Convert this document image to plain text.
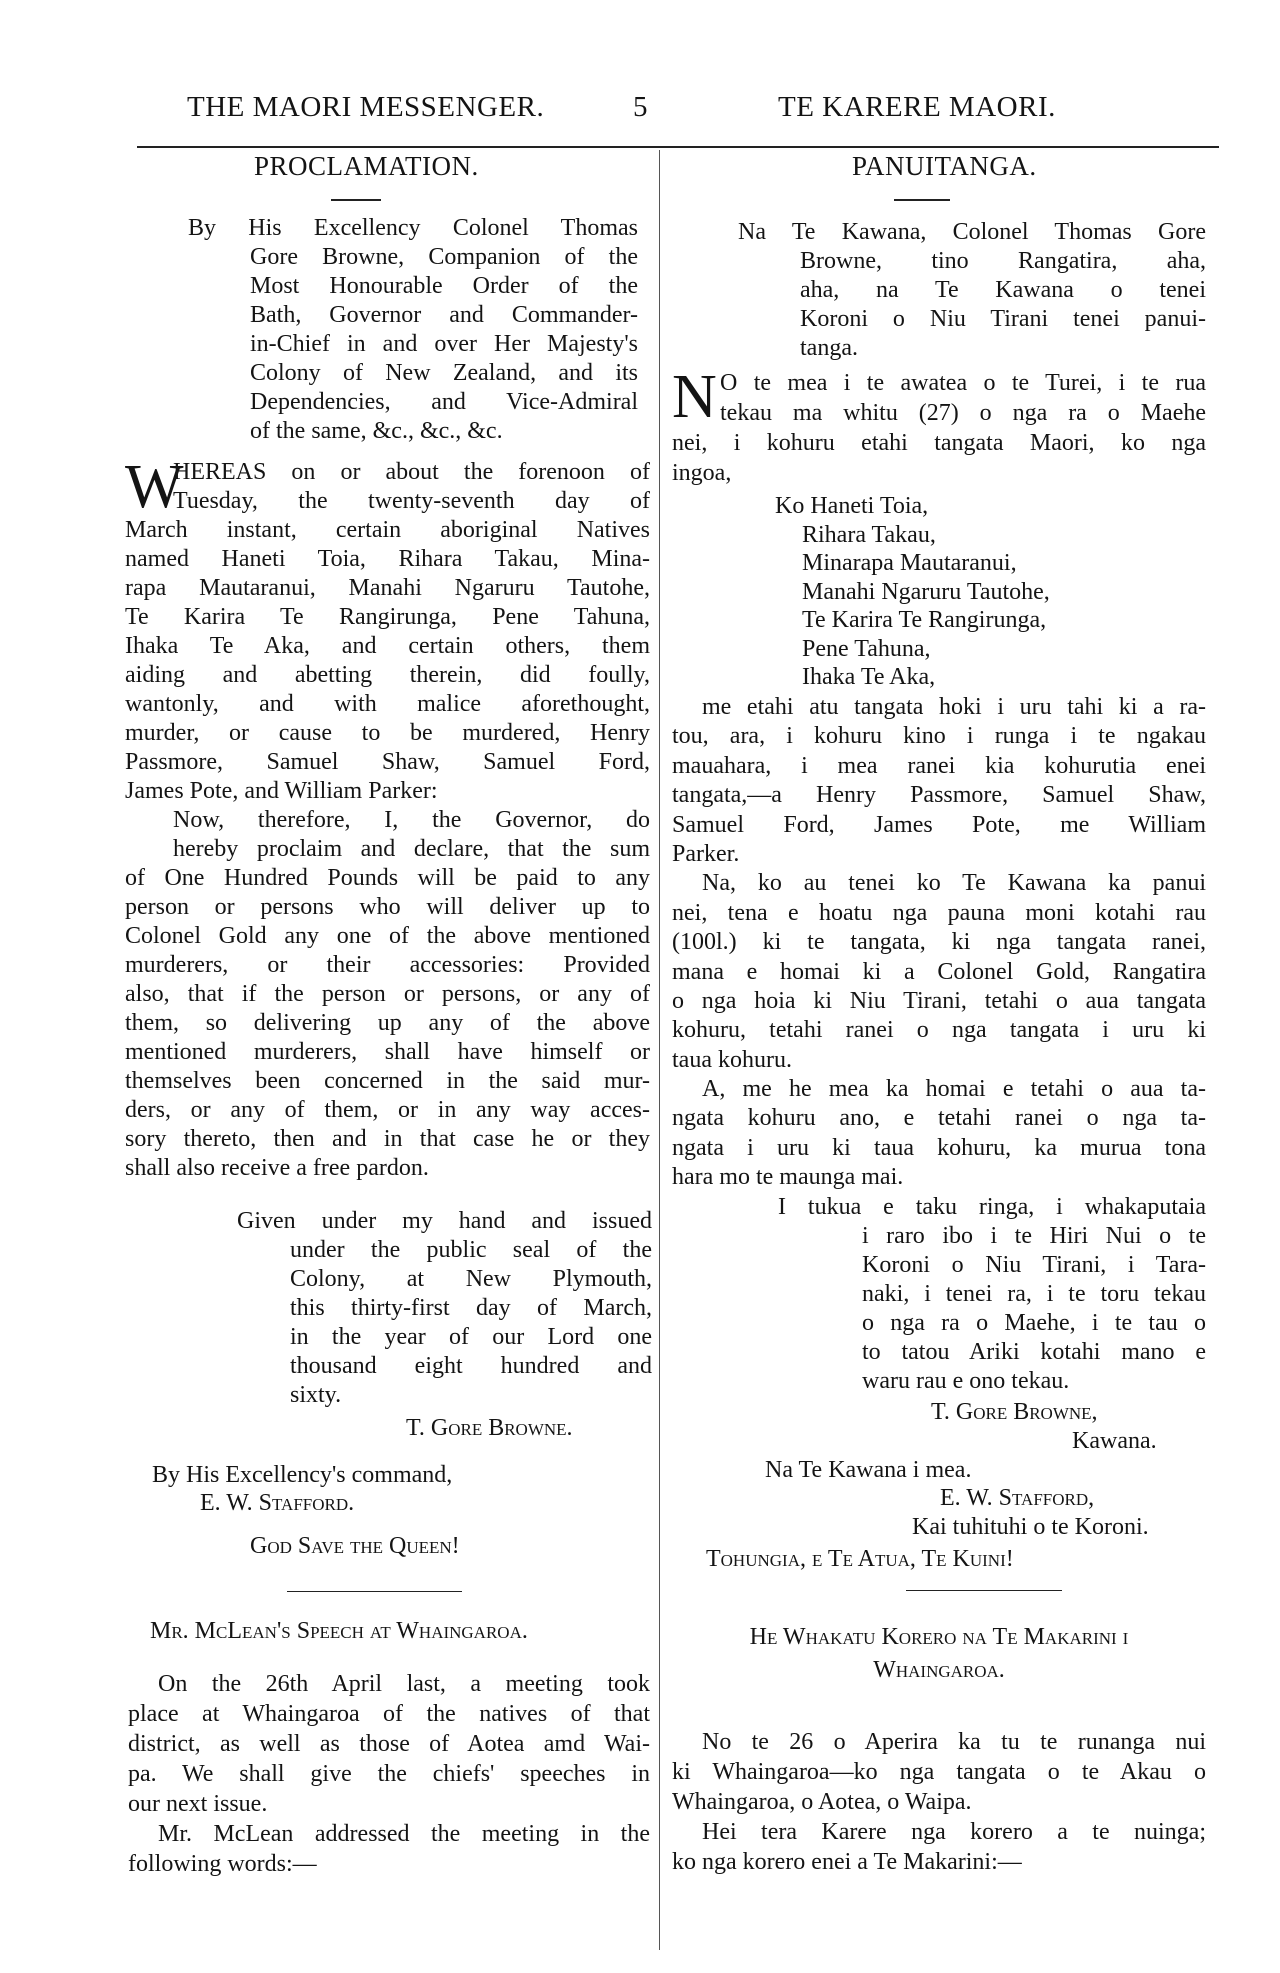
THE MAORI MESSENGER.	5	TE KARERE MAORI.
PROCLAMATION.
By His Excellency Colonel Thomas
Gore Browne, Companion of the
Most Honourable Order of the
Bath, Governor and Commander-
in-Chief in and over Her Majesty's
Colony of New Zealand, and its
Dependencies, and Vice-Admiral
of the same, &c., &c., &c.
W
HEREAS on or about the forenoon of
Tuesday, the twenty-seventh day of
March instant, certain aboriginal Natives
named Haneti Toia, Rihara Takau, Mina-
rapa Mautaranui, Manahi Ngaruru Tautohe,
Te Karira Te Rangirunga, Pene Tahuna,
Ihaka Te Aka, and certain others, them
aiding and abetting therein, did foully,
wantonly, and with malice aforethought,
murder, or cause to be murdered, Henry
Passmore, Samuel Shaw, Samuel Ford,
James Pote, and William Parker:
Now, therefore, I, the Governor, do
hereby proclaim and declare, that the sum
of One Hundred Pounds will be paid to any
person or persons who will deliver up to
Colonel Gold any one of the above mentioned
murderers, or their accessories: Provided
also, that if the person or persons, or any of
them, so delivering up any of the above
mentioned murderers, shall have himself or
themselves been concerned in the said mur-
ders, or any of them, or in any way acces-
sory thereto, then and in that case he or they
shall also receive a free pardon.
Given under my hand and issued
under the public seal of the
Colony, at New Plymouth,
this thirty-first day of March,
in the year of our Lord one
thousand eight hundred and
sixty.
T. Gore Browne.
By His Excellency's command,
E. W. Stafford.
God Save the Queen!
Mr. McLean's Speech at Whaingaroa.
On the 26th April last, a meeting took
place at Whaingaroa of the natives of that
district, as well as those of Aotea amd Wai-
pa. We shall give the chiefs' speeches in
our next issue.
Mr. McLean addressed the meeting in the
following words:—
PANUITANGA.
Na Te Kawana, Colonel Thomas Gore
Browne, tino Rangatira, aha,
aha, na Te Kawana o tenei
Koroni o Niu Tirani tenei panui-
tanga.
N O te mea i te awatea o te Turei, i te rua
tekau ma whitu (27) o nga ra o Maehe
nei, i kohuru etahi tangata Maori, ko nga
ingoa,
Ko Haneti Toia,
Rihara Takau,
Minarapa Mautaranui,
Manahi Ngaruru Tautohe,
Te Karira Te Rangirunga,
Pene Tahuna,
Ihaka Te Aka,
me etahi atu tangata hoki i uru tahi ki a ra-
tou, ara, i kohuru kino i runga i te ngakau
mauahara, i mea ranei kia kohurutia enei
tangata,—a Henry Passmore, Samuel Shaw,
Samuel Ford, James Pote, me William
Parker.
Na, ko au tenei ko Te Kawana ka panui
nei, tena e hoatu nga pauna moni kotahi rau
(100l.) ki te tangata, ki nga tangata ranei,
mana e homai ki a Colonel Gold, Rangatira
o nga hoia ki Niu Tirani, tetahi o aua tangata
kohuru, tetahi ranei o nga tangata i uru ki
taua kohuru.
A, me he mea ka homai e tetahi o aua ta-
ngata kohuru ano, e tetahi ranei o nga ta-
ngata i uru ki taua kohuru, ka murua tona
hara mo te maunga mai.
I tukua e taku ringa, i whakaputaia
i raro ibo i te Hiri Nui o te
Koroni o Niu Tirani, i Tara-
naki, i tenei ra, i te toru tekau
o nga ra o Maehe, i te tau o
to tatou Ariki kotahi mano e
waru rau e ono tekau.
T. Gore Browne,
Kawana.
Na Te Kawana i mea.
E. W. Stafford,
Kai tuhituhi o te Koroni.
Tohungia, e Te Atua, Te Kuini!
He Whakatu Korero na Te Makarini i
Whaingaroa.
No te 26 o Aperira ka tu te runanga nui
ki Whaingaroa—ko nga tangata o te Akau o
Whaingaroa, o Aotea, o Waipa.
Hei tera Karere nga korero a te nuinga;
ko nga korero enei a Te Makarini:—
